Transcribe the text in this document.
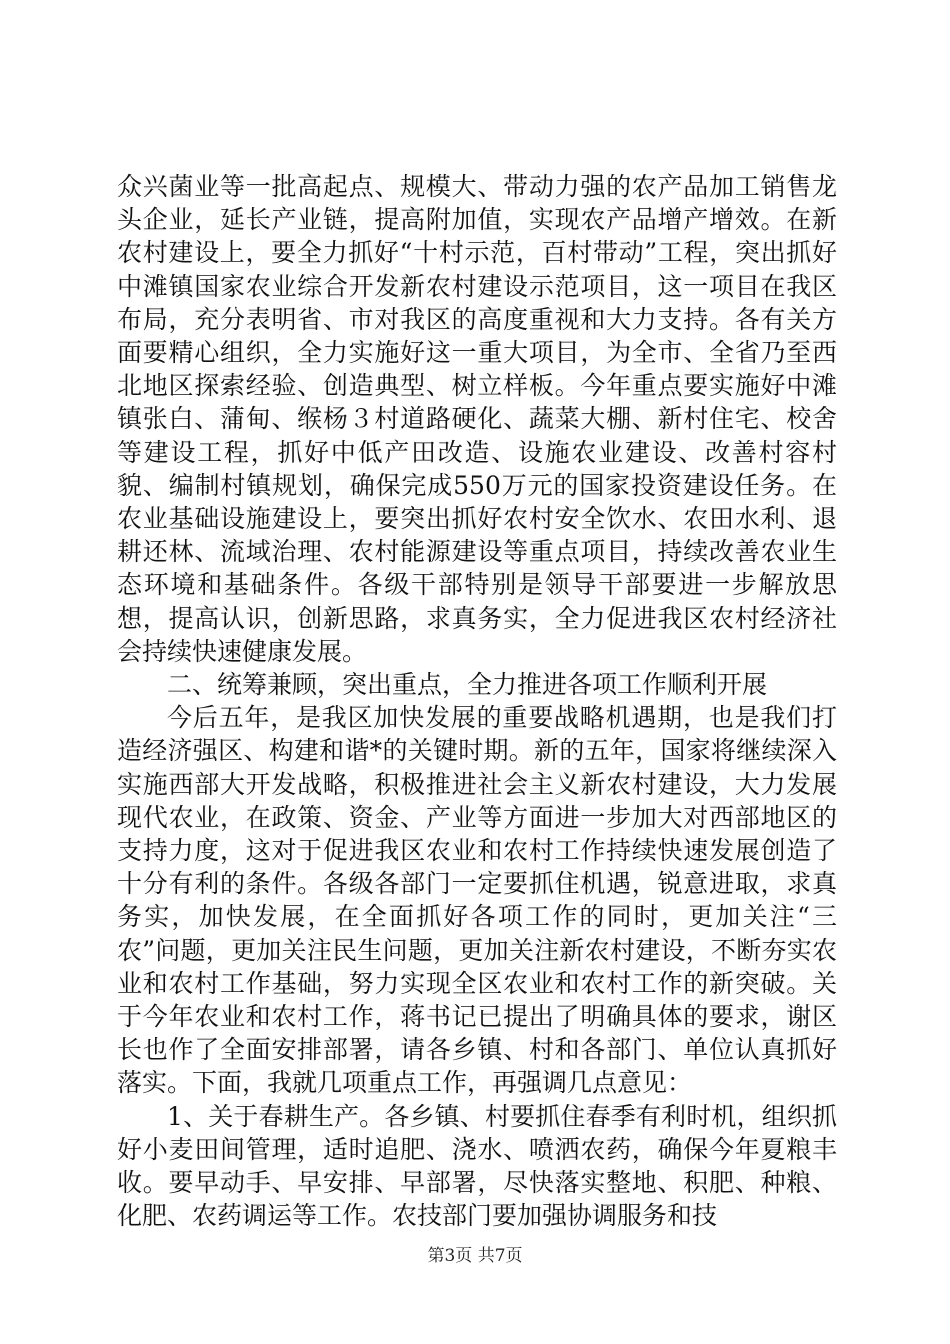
众兴菌业等一批高起点、规模大、带动力强的农产品加工销售龙头企业，延长产业链，提高附加值，实现农产品增产增效。在新农村建设上，要全力抓好“十村示范，百村带动”工程，突出抓好中滩镇国家农业综合开发新农村建设示范项目，这一项目在我区布局，充分表明省、市对我区的高度重视和大力支持。各有关方面要精心组织，全力实施好这一重大项目，为全市、全省乃至西北地区探索经验、创造典型、树立样板。今年重点要实施好中滩镇张白、蒲甸、缑杨３村道路硬化、蔬菜大棚、新村住宅、校舍等建设工程，抓好中低产田改造、设施农业建设、改善村容村貌、编制村镇规划，确保完成550万元的国家投资建设任务。在农业基础设施建设上，要突出抓好农村安全饮水、农田水利、退耕还林、流域治理、农村能源建设等重点项目，持续改善农业生态环境和基础条件。各级干部特别是领导干部要进一步解放思想，提高认识，创新思路，求真务实，全力促进我区农村经济社会持续快速健康发展。

二、统筹兼顾，突出重点，全力推进各项工作顺利开展

今后五年，是我区加快发展的重要战略机遇期，也是我们打造经济强区、构建和谐*的关键时期。新的五年，国家将继续深入实施西部大开发战略，积极推进社会主义新农村建设，大力发展现代农业，在政策、资金、产业等方面进一步加大对西部地区的支持力度，这对于促进我区农业和农村工作持续快速发展创造了十分有利的条件。各级各部门一定要抓住机遇，锐意进取，求真务实，加快发展，在全面抓好各项工作的同时，更加关注“三农”问题，更加关注民生问题，更加关注新农村建设，不断夯实农业和农村工作基础，努力实现全区农业和农村工作的新突破。关于今年农业和农村工作，蒋书记已提出了明确具体的要求，谢区长也作了全面安排部署，请各乡镇、村和各部门、单位认真抓好落实。下面，我就几项重点工作，再强调几点意见：

1、关于春耕生产。各乡镇、村要抓住春季有利时机，组织抓好小麦田间管理，适时追肥、浇水、喷洒农药，确保今年夏粮丰收。要早动手、早安排、早部署，尽快落实整地、积肥、种粮、化肥、农药调运等工作。农技部门要加强协调服务和技

第3页 共7页
